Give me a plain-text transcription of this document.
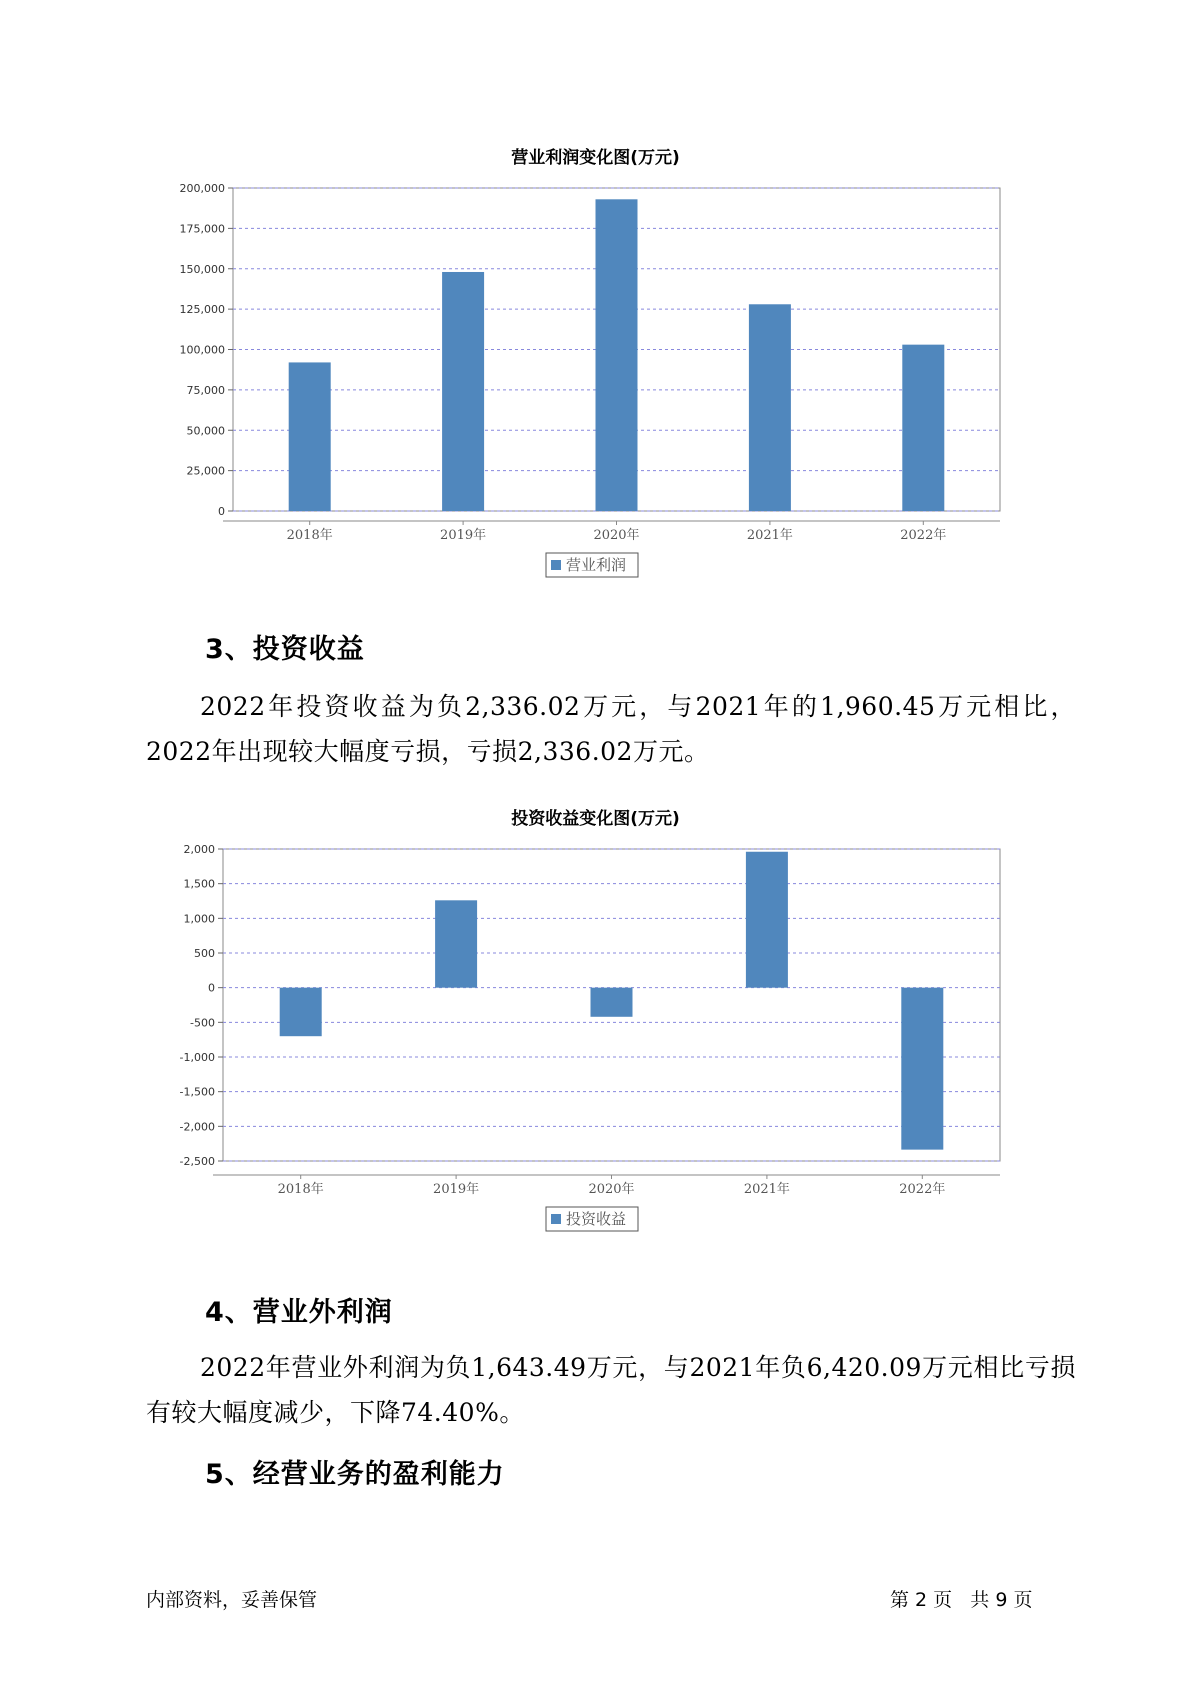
营业利润变化图(万元)
0
25,000
50,000
75,000
100,000
125,000
150,000
175,000
200,000
2018年	2019年	2020年	2021年	2022年
营业利润
3、投资收益
2022年投资收益为负2,336.02万元，与2021年的1,960.45万元相比，2022年出现较大幅度亏损，亏损2,336.02万元。
投资收益变化图(万元)
-2,500
-2,000
-1,500
-1,000
-500
0
500
1,000
1,500
2,000
2018年	2019年	2020年	2021年	2022年
投资收益
4、营业外利润
2022年营业外利润为负1,643.49万元，与2021年负6,420.09万元相比亏损有较大幅度减少，下降74.40%。
5、经营业务的盈利能力
内部资料，妥善保管	第 2 页   共 9 页
